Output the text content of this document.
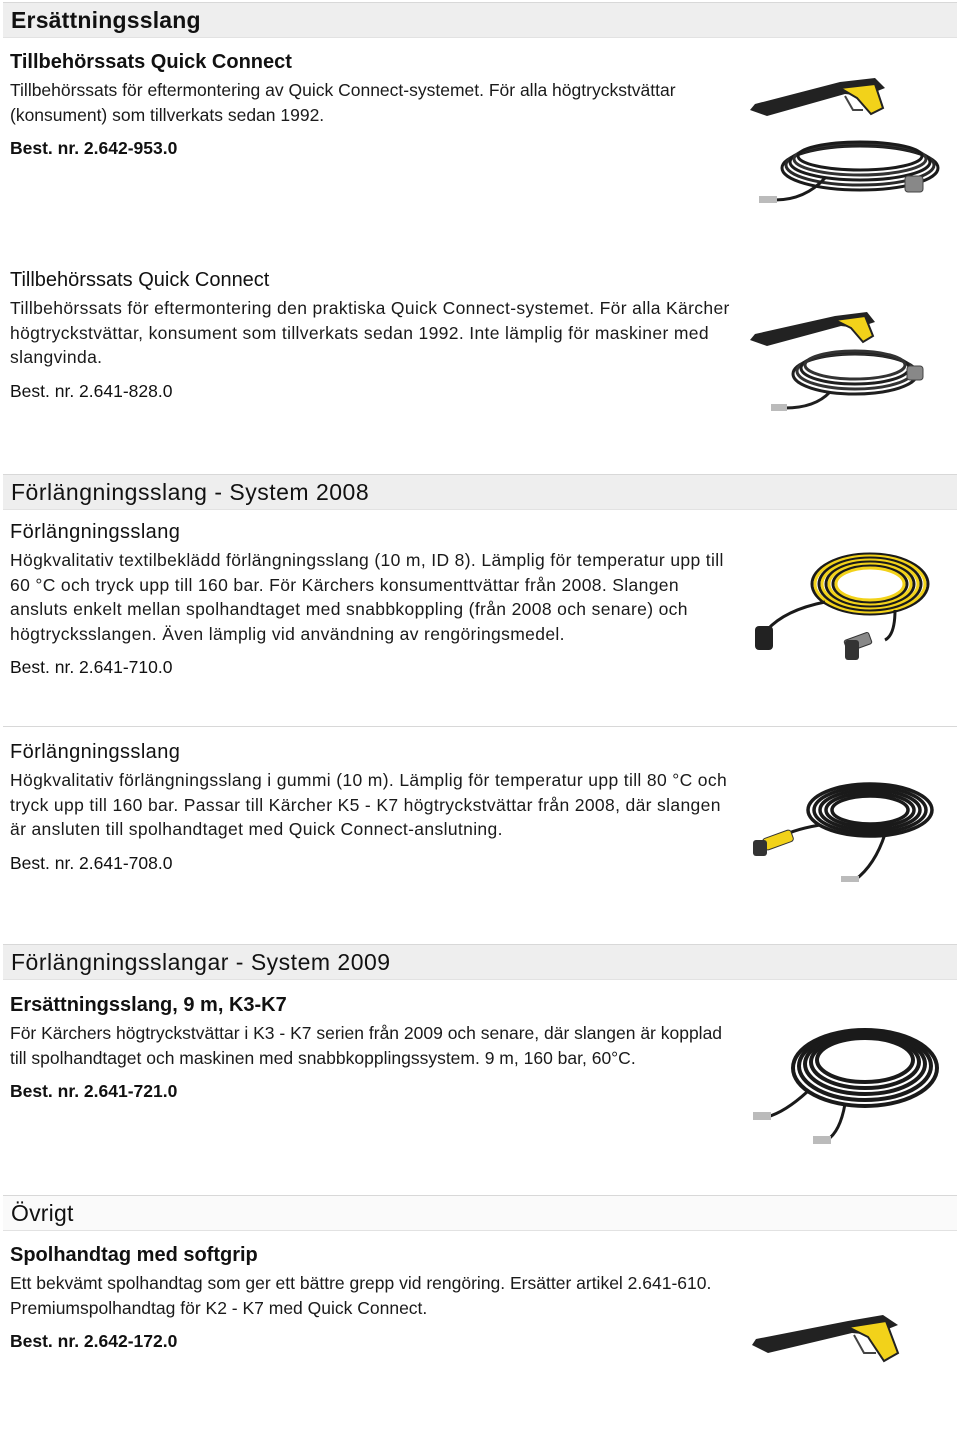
Ersättningsslang
Tillbehörssats Quick Connect

Tillbehörssats för eftermontering av Quick Connect-systemet. För alla högtryckstvättar (konsument) som tillverkats sedan 1992.

Best. nr. 2.642-953.0
Tillbehörssats Quick Connect

Tillbehörssats för eftermontering den praktiska Quick Connect-systemet. För alla Kärcher högtryckstvättar, konsument som tillverkats sedan 1992. Inte lämplig för maskiner med slangvinda.

Best. nr. 2.641-828.0
Förlängningsslang - System 2008
Förlängningsslang

Högkvalitativ textilbeklädd förlängningsslang (10 m, ID 8). Lämplig för temperatur upp till 60 °C och tryck upp till 160 bar. För Kärchers konsumenttvättar från 2008. Slangen ansluts enkelt mellan spolhandtaget med snabbkoppling (från 2008 och senare) och högtrycksslangen. Även lämplig vid användning av rengöringsmedel.

Best. nr. 2.641-710.0
Förlängningsslang

Högkvalitativ förlängningsslang i gummi (10 m). Lämplig för temperatur upp till 80 °C och tryck upp till 160 bar. Passar till Kärcher K5 - K7 högtryckstvättar från 2008, där slangen är ansluten till spolhandtaget med Quick Connect-anslutning.

Best. nr. 2.641-708.0
Förlängningsslangar - System 2009
Ersättningsslang, 9 m, K3-K7

För Kärchers högtryckstvättar i K3 - K7 serien från 2009 och senare, där slangen är kopplad till spolhandtaget och maskinen med snabbkopplingssystem. 9 m, 160 bar, 60°C.

Best. nr. 2.641-721.0
Övrigt
Spolhandtag med softgrip

Ett bekvämt spolhandtag som ger ett bättre grepp vid rengöring. Ersätter artikel 2.641-610. Premiumspolhandtag för K2 - K7 med Quick Connect.

Best. nr. 2.642-172.0
